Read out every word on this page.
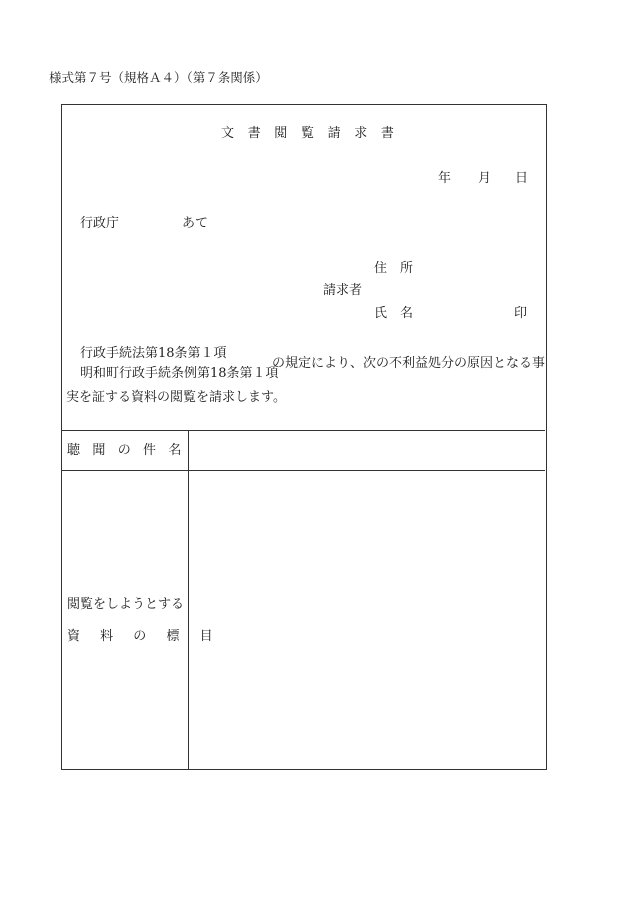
様式第７号（規格Ａ４）（第７条関係）
文書閲覧請求書
年 月 日
行政庁	あて
住　所
請求者
氏　名	印
行政手続法第18条第１項
明和町行政手続条例第18条第１項
の規定により、次の不利益処分の原因となる事
実を証する資料の閲覧を請求します。
聴聞の件名
閲覧をしようとする
資料の標目
